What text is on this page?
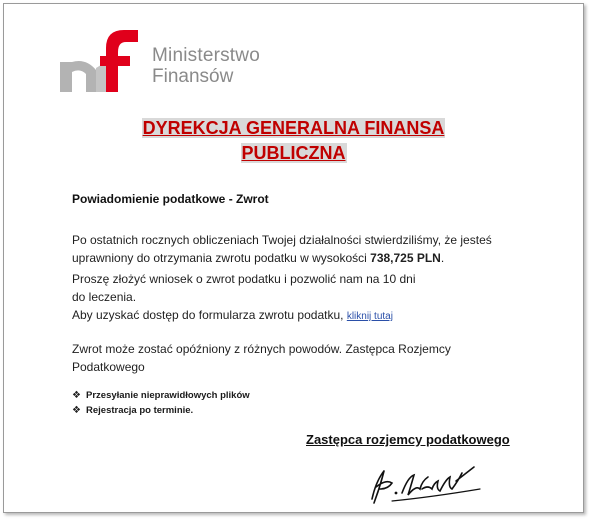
Ministerstwo
Finansów
DYREKCJA GENERALNA FINANSA
PUBLICZNA
Powiadomienie podatkowe - Zwrot
Po ostatnich rocznych obliczeniach Twojej działalności stwierdziliśmy, że jesteś
uprawniony do otrzymania zwrotu podatku w wysokości 738,725 PLN.
Proszę złożyć wniosek o zwrot podatku i pozwolić nam na 10 dni
do leczenia.
Aby uzyskać dostęp do formularza zwrotu podatku, kliknij tutaj
Zwrot może zostać opóźniony z różnych powodów. Zastępca Rozjemcy
Podatkowego
❖ Przesyłanie nieprawidłowych plików
❖ Rejestracja po terminie.
Zastępca rozjemcy podatkowego
